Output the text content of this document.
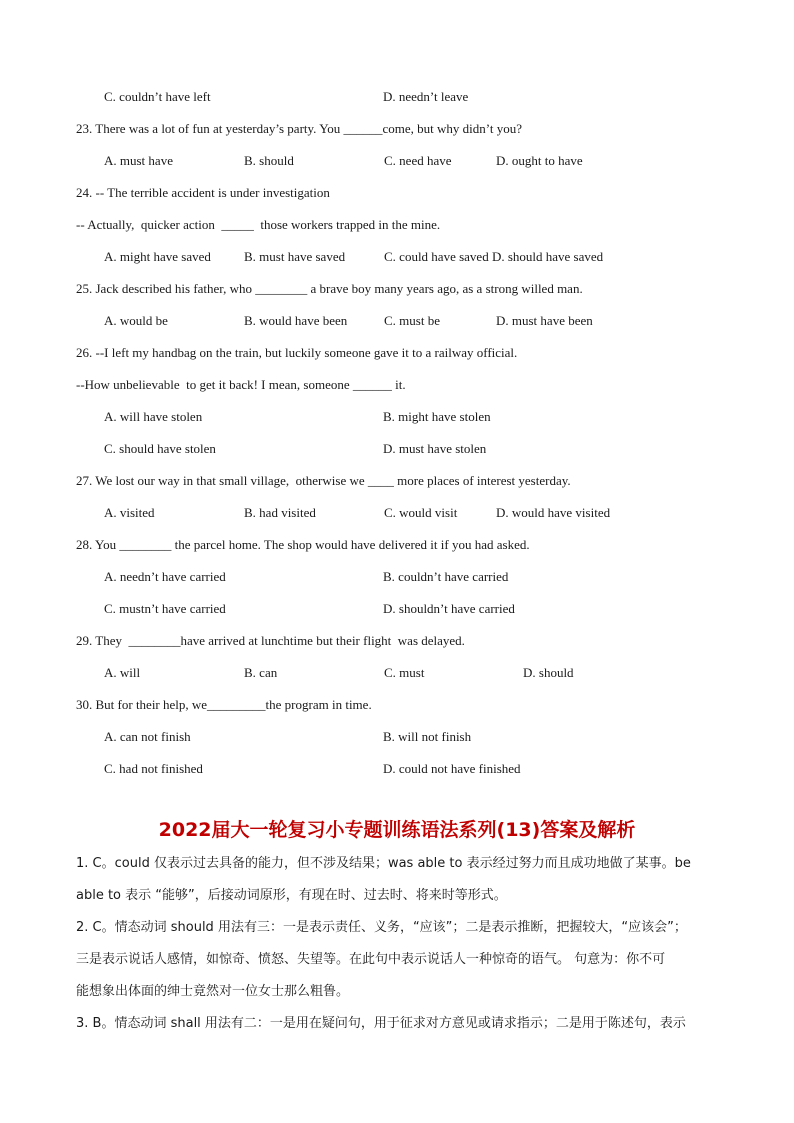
C. couldn’t have left	D. needn’t leave
23. There was a lot of fun at yesterday’s party. You ______come, but why didn’t you?
A. must have	B. should	C. need have	D. ought to have
24. -- The terrible accident is under investigation
-- Actually,  quicker action  _____  those workers trapped in the mine.
A. might have saved	B. must have saved	C. could have saved D. should have saved
25. Jack described his father, who ________ a brave boy many years ago, as a strong willed man.
A. would be	B. would have been	C. must be	D. must have been
26. --I left my handbag on the train, but luckily someone gave it to a railway official.
--How unbelievable  to get it back! I mean, someone ______ it.
A. will have stolen	B. might have stolen
C. should have stolen	D. must have stolen
27. We lost our way in that small village,  otherwise we ____ more places of interest yesterday.
A. visited	B. had visited	C. would visit	D. would have visited
28. You ________ the parcel home. The shop would have delivered it if you had asked.
A. needn’t have carried	B. couldn’t have carried
C. mustn’t have carried	D. shouldn’t have carried
29. They  ________have arrived at lunchtime but their flight  was delayed.
A. will	B. can	C. must	D. should
30. But for their help, we_________the program in time.
A. can not finish	B. will not finish
C. had not finished	D. could not have finished
2022届大一轮复习小专题训练语法系列(13)答案及解析
1. C。could 仅表示过去具备的能力，但不涉及结果；was able to 表示经过努力而且成功地做了某事。be
able to 表示 “能够”，后接动词原形，有现在时、过去时、将来时等形式。
2. C。情态动词 should 用法有三：一是表示责任、义务，“应该”；二是表示推断，把握较大，“应该会”；
三是表示说话人感情，如惊奇、愤怒、失望等。在此句中表示说话人一种惊奇的语气。 句意为：你不可
能想象出体面的绅士竟然对一位女士那么粗鲁。
3. B。情态动词 shall 用法有二：一是用在疑问句，用于征求对方意见或请求指示；二是用于陈述句，表示
